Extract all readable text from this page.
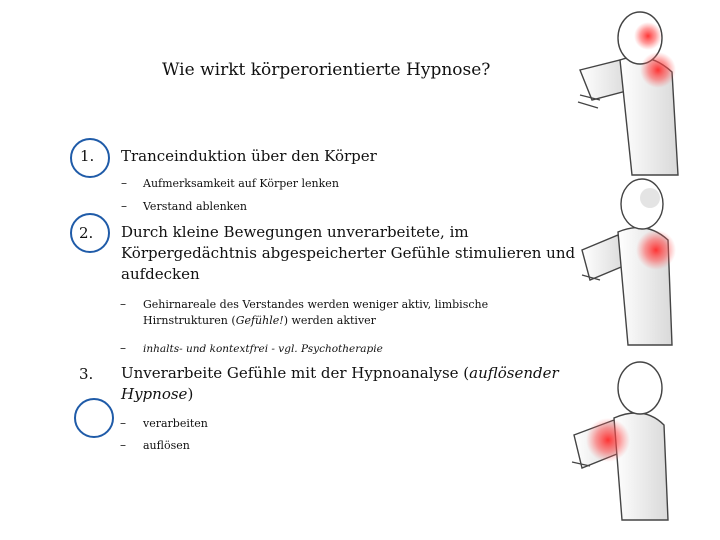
Wie wirkt körperorientierte Hypnose?
1. Tranceinduktion über den Körper
– Aufmerksamkeit auf Körper lenken
– Verstand ablenken
2. Durch kleine Bewegungen unverarbeitete, im
Körpergedächtnis abgespeicherter Gefühle stimulieren und
aufdecken
– Gehirnareale des Verstandes werden weniger aktiv, limbische
Hirnstrukturen (Gefühle!) werden aktiver
– inhalts- und kontextfrei - vgl. Psychotherapie
3. Unverarbeite Gefühle mit der Hypnoanalyse (auflösender
Hypnose)
– verarbeiten
– auflösen
